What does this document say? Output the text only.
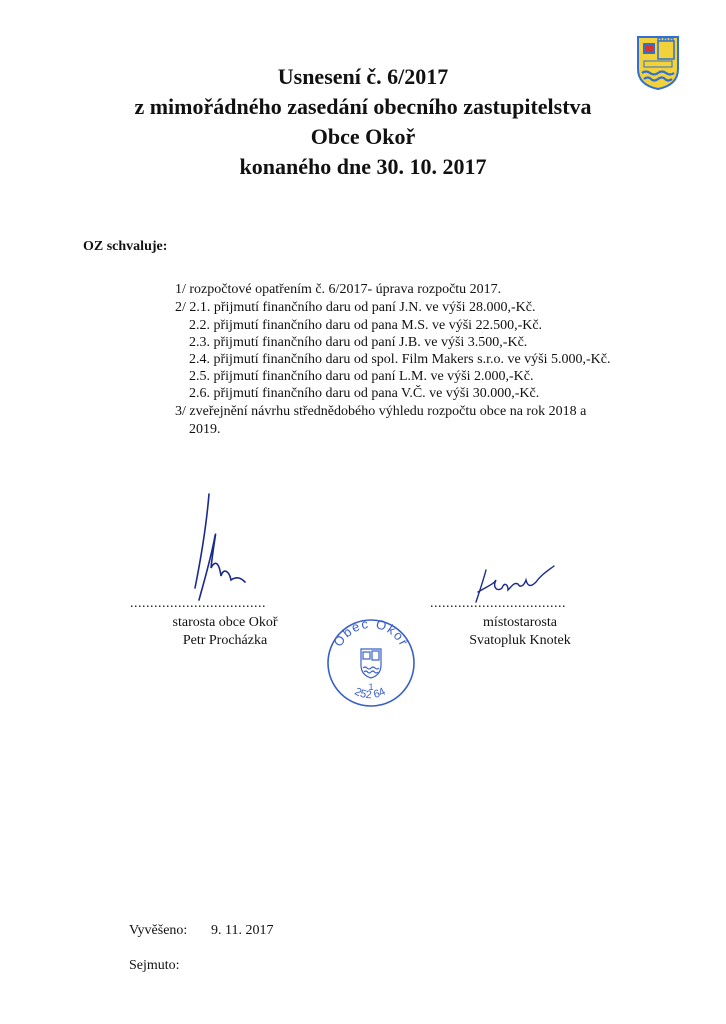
Usnesení č. 6/2017
z mimořádného zasedání obecního zastupitelstva
Obce Okoř
konaného dne 30. 10. 2017
OZ schvaluje:
1/ rozpočtové opatřením č. 6/2017- úprava rozpočtu 2017.
2/ 2.1. přijmutí finančního daru od paní J.N. ve výši 28.000,-Kč.
2.2. přijmutí finančního daru od pana M.S. ve výši 22.500,-Kč.
2.3. přijmutí finančního daru od paní J.B. ve výši 3.500,-Kč.
2.4. přijmutí finančního daru od spol. Film Makers s.r.o. ve výši 5.000,-Kč.
2.5. přijmutí finančního daru od paní L.M. ve výši 2.000,-Kč.
2.6. přijmutí finančního daru od pana V.Č. ve výši 30.000,-Kč.
3/ zveřejnění návrhu střednědobého výhledu rozpočtu obce na rok 2018 a
2019.
..................................
starosta obce Okoř
Petr Procházka
..................................
místostarosta
Svatopluk Knotek
Obec Okoř
1
252 64
Vyvěšeno: 9. 11. 2017
Sejmuto:
